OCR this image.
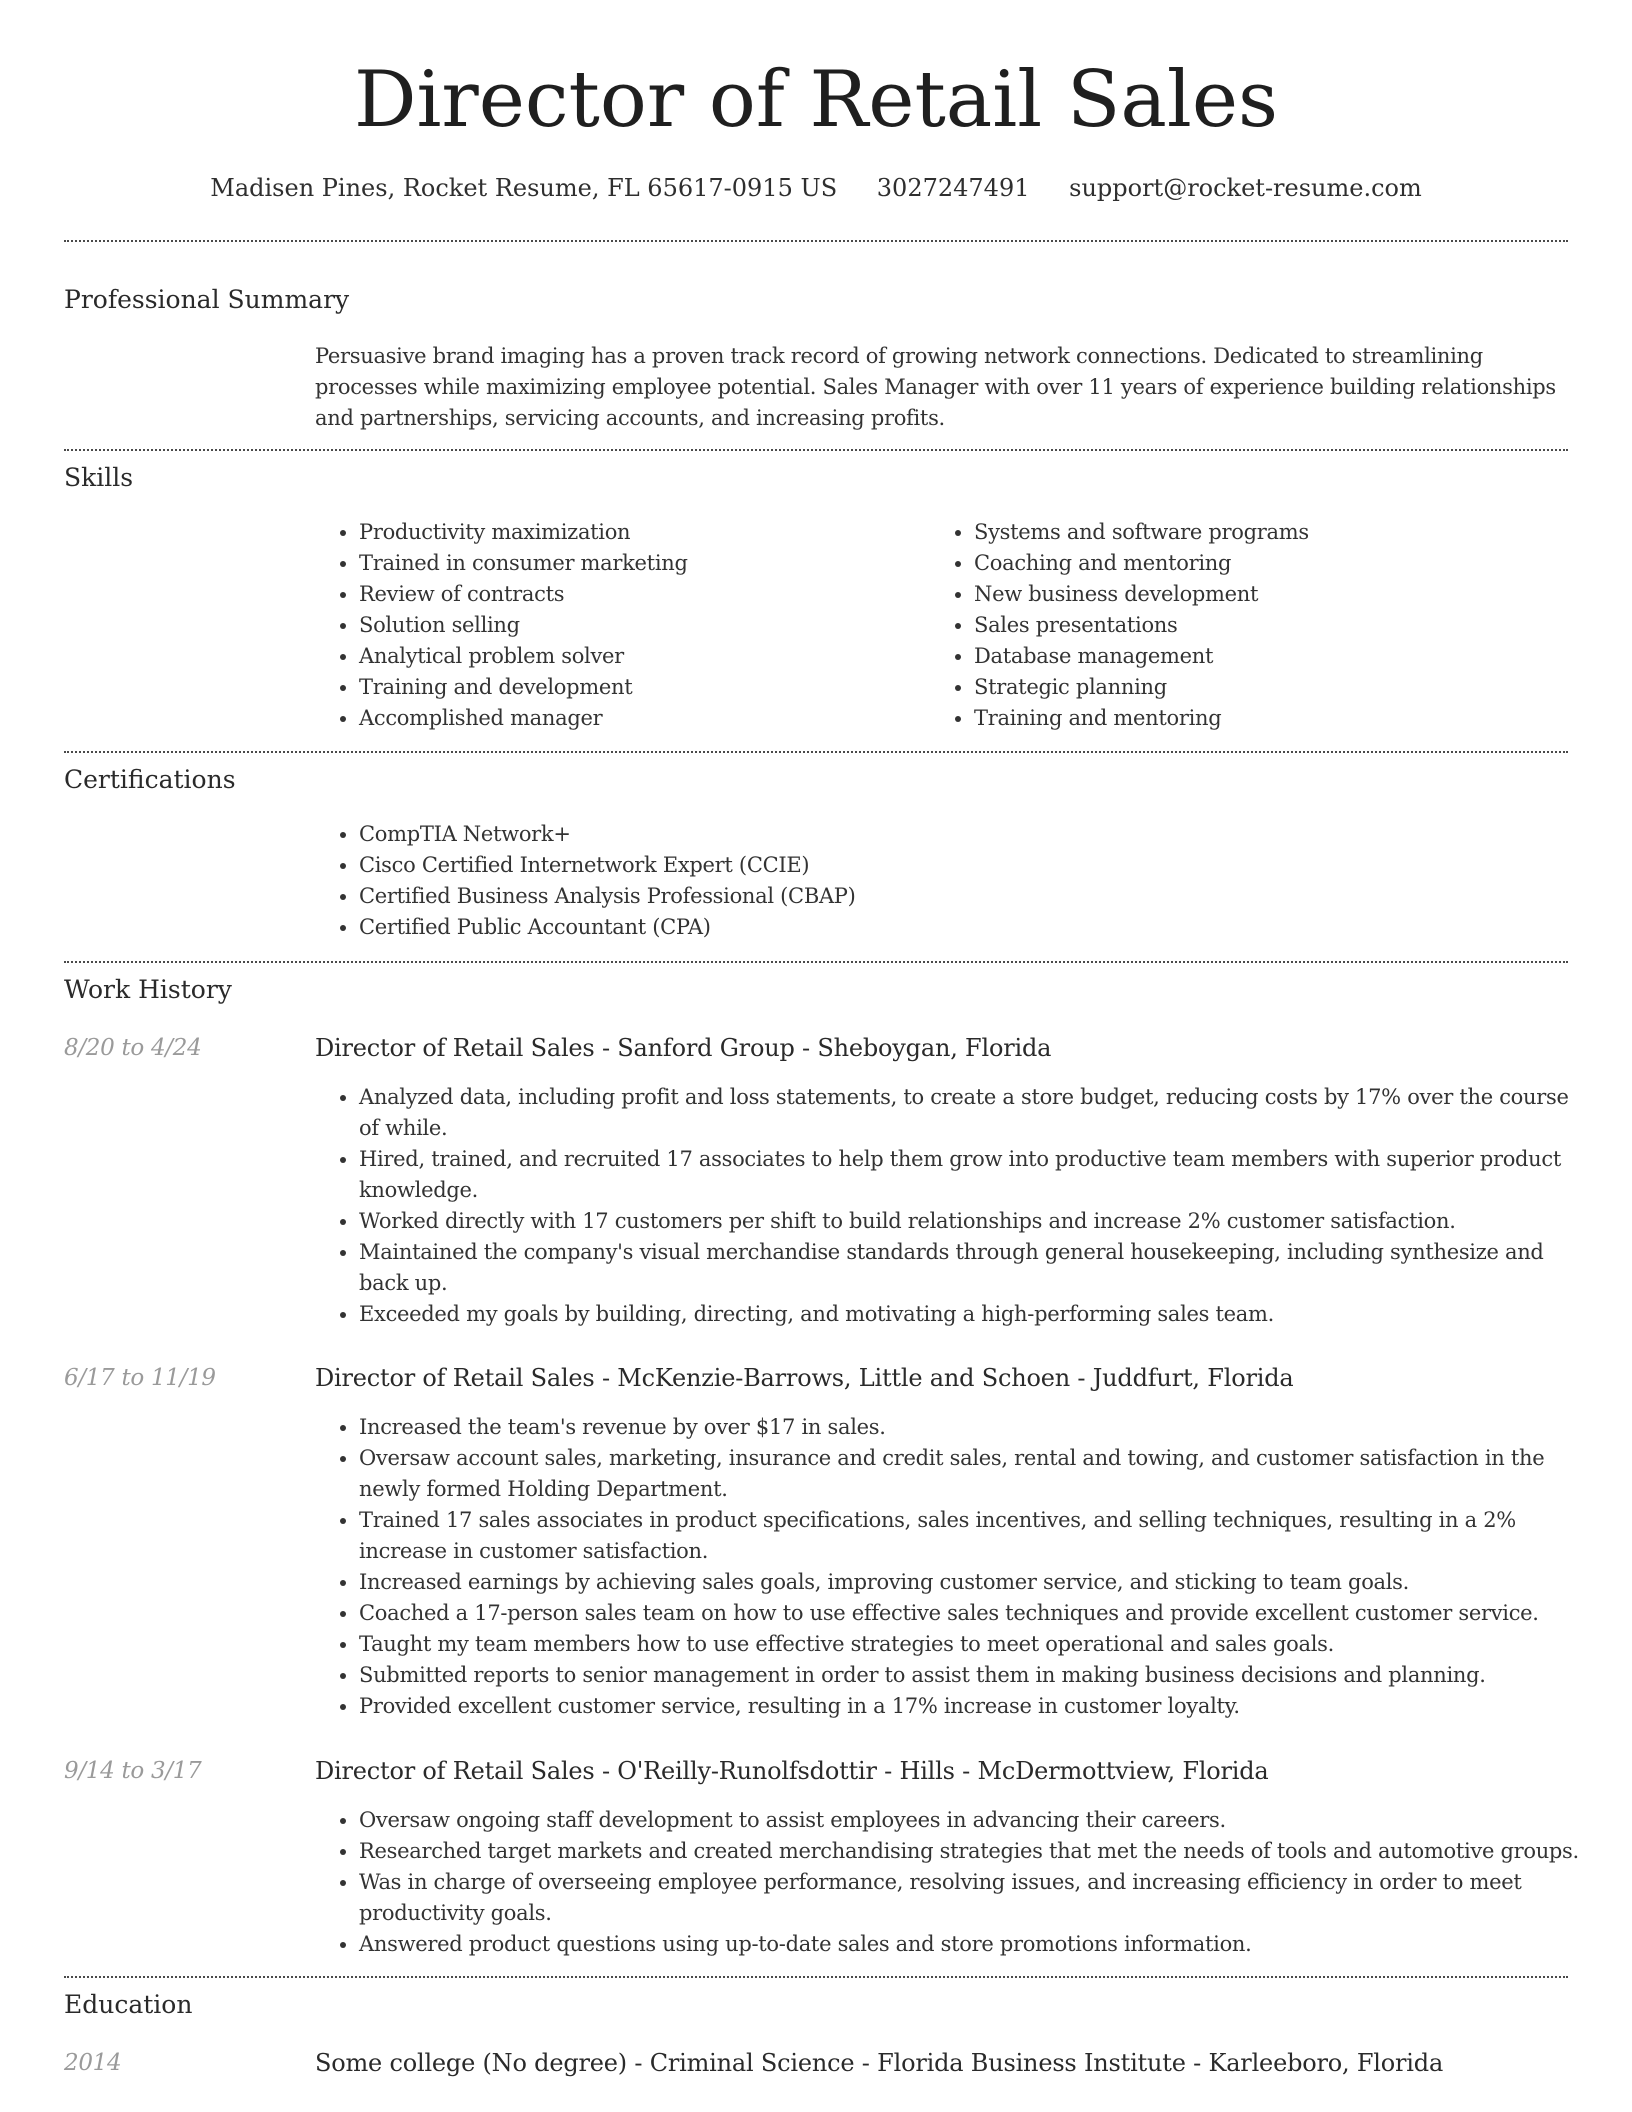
Director of Retail Sales
Madisen Pines, Rocket Resume, FL 65617-0915 US 3027247491 support@rocket-resume.com
Professional Summary
Persuasive brand imaging has a proven track record of growing network connections. Dedicated to streamlining processes while maximizing employee potential. Sales Manager with over 11 years of experience building relationships and partnerships, servicing accounts, and increasing profits.
Skills
• Productivity maximization
• Trained in consumer marketing
• Review of contracts
• Solution selling
• Analytical problem solver
• Training and development
• Accomplished manager
• Systems and software programs
• Coaching and mentoring
• New business development
• Sales presentations
• Database management
• Strategic planning
• Training and mentoring
Certifications
• CompTIA Network+
• Cisco Certified Internetwork Expert (CCIE)
• Certified Business Analysis Professional (CBAP)
• Certified Public Accountant (CPA)
Work History
8/20 to 4/24	Director of Retail Sales - Sanford Group - Sheboygan, Florida
• Analyzed data, including profit and loss statements, to create a store budget, reducing costs by 17% over the course of while.
• Hired, trained, and recruited 17 associates to help them grow into productive team members with superior product knowledge.
• Worked directly with 17 customers per shift to build relationships and increase 2% customer satisfaction.
• Maintained the company's visual merchandise standards through general housekeeping, including synthesize and back up.
• Exceeded my goals by building, directing, and motivating a high-performing sales team.
6/17 to 11/19	Director of Retail Sales - McKenzie-Barrows, Little and Schoen - Juddfurt, Florida
• Increased the team's revenue by over $17 in sales.
• Oversaw account sales, marketing, insurance and credit sales, rental and towing, and customer satisfaction in the newly formed Holding Department.
• Trained 17 sales associates in product specifications, sales incentives, and selling techniques, resulting in a 2% increase in customer satisfaction.
• Increased earnings by achieving sales goals, improving customer service, and sticking to team goals.
• Coached a 17-person sales team on how to use effective sales techniques and provide excellent customer service.
• Taught my team members how to use effective strategies to meet operational and sales goals.
• Submitted reports to senior management in order to assist them in making business decisions and planning.
• Provided excellent customer service, resulting in a 17% increase in customer loyalty.
9/14 to 3/17	Director of Retail Sales - O'Reilly-Runolfsdottir - Hills - McDermottview, Florida
• Oversaw ongoing staff development to assist employees in advancing their careers.
• Researched target markets and created merchandising strategies that met the needs of tools and automotive groups.
• Was in charge of overseeing employee performance, resolving issues, and increasing efficiency in order to meet productivity goals.
• Answered product questions using up-to-date sales and store promotions information.
Education
2014	Some college (No degree) - Criminal Science - Florida Business Institute - Karleeboro, Florida
